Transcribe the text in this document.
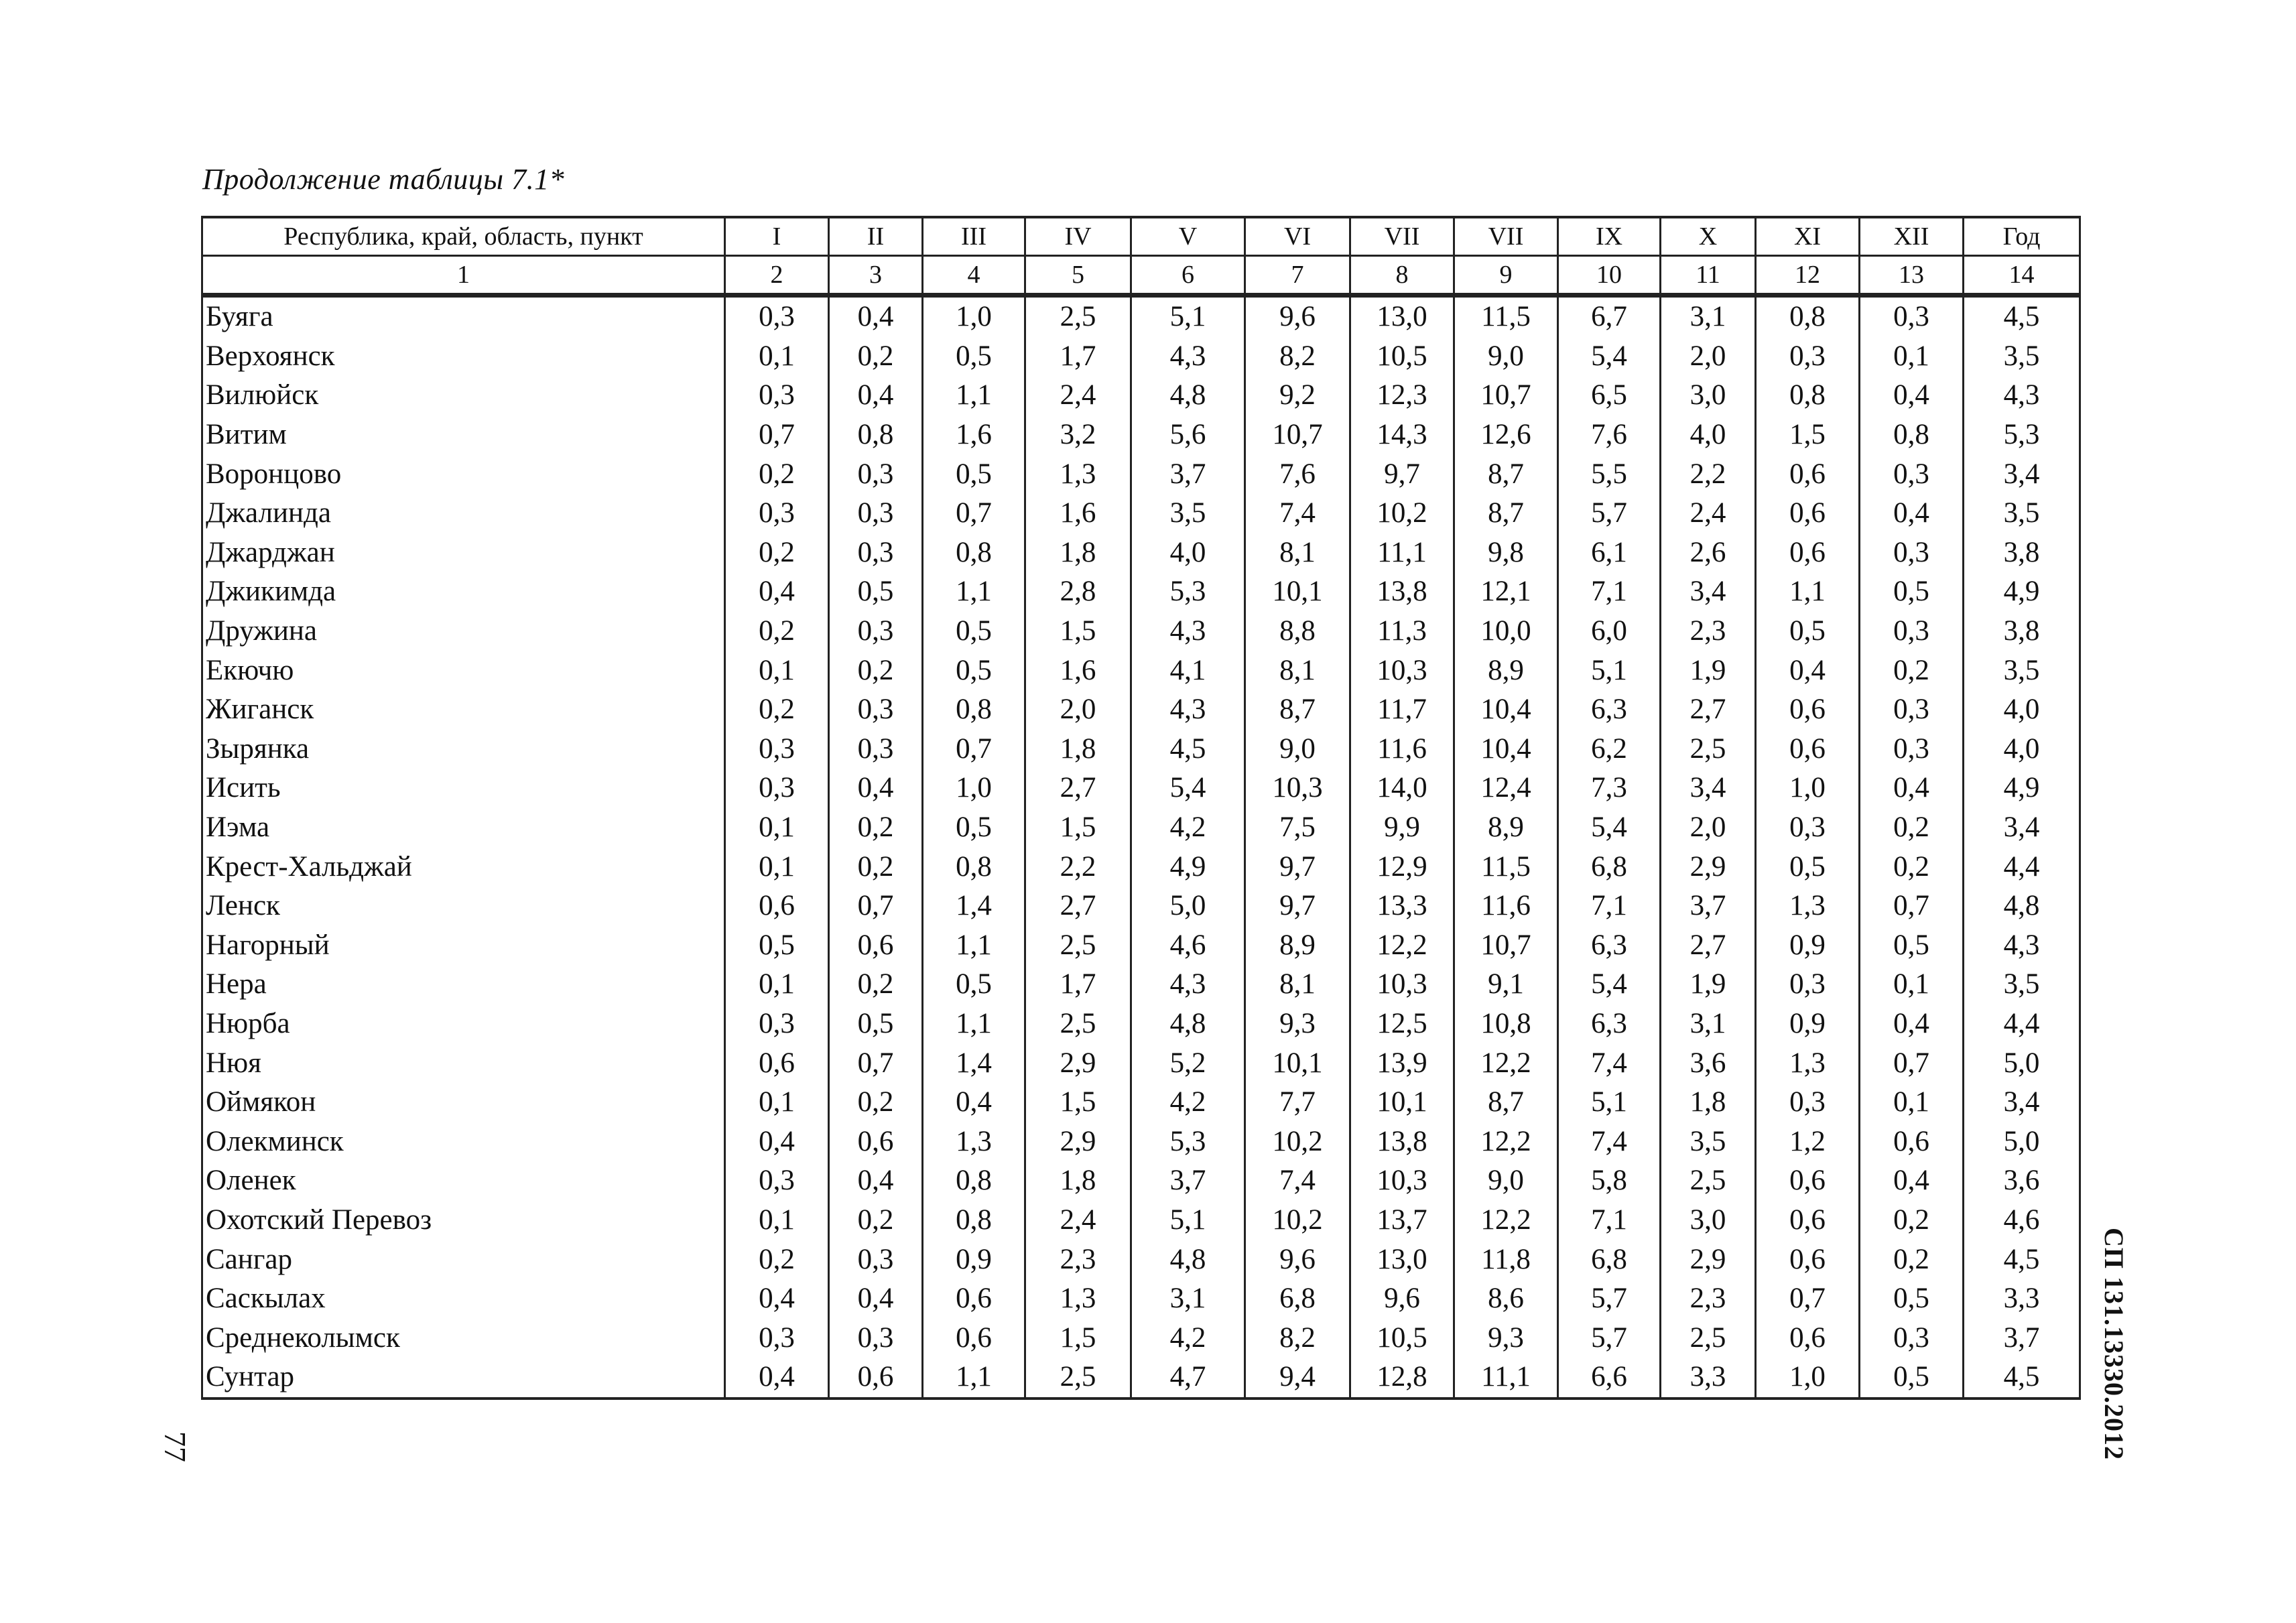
Продолжение таблицы 7.1*
Республика, край, область, пункт	I	II	III	IV	V	VI	VII	VII	IX	X	XI	XII	Год
1	2	3	4	5	6	7	8	9	10	11	12	13	14
Буяга	0,3	0,4	1,0	2,5	5,1	9,6	13,0	11,5	6,7	3,1	0,8	0,3	4,5
Верхоянск	0,1	0,2	0,5	1,7	4,3	8,2	10,5	9,0	5,4	2,0	0,3	0,1	3,5
Вилюйск	0,3	0,4	1,1	2,4	4,8	9,2	12,3	10,7	6,5	3,0	0,8	0,4	4,3
Витим	0,7	0,8	1,6	3,2	5,6	10,7	14,3	12,6	7,6	4,0	1,5	0,8	5,3
Воронцово	0,2	0,3	0,5	1,3	3,7	7,6	9,7	8,7	5,5	2,2	0,6	0,3	3,4
Джалинда	0,3	0,3	0,7	1,6	3,5	7,4	10,2	8,7	5,7	2,4	0,6	0,4	3,5
Джарджан	0,2	0,3	0,8	1,8	4,0	8,1	11,1	9,8	6,1	2,6	0,6	0,3	3,8
Джикимда	0,4	0,5	1,1	2,8	5,3	10,1	13,8	12,1	7,1	3,4	1,1	0,5	4,9
Дружина	0,2	0,3	0,5	1,5	4,3	8,8	11,3	10,0	6,0	2,3	0,5	0,3	3,8
Екючю	0,1	0,2	0,5	1,6	4,1	8,1	10,3	8,9	5,1	1,9	0,4	0,2	3,5
Жиганск	0,2	0,3	0,8	2,0	4,3	8,7	11,7	10,4	6,3	2,7	0,6	0,3	4,0
Зырянка	0,3	0,3	0,7	1,8	4,5	9,0	11,6	10,4	6,2	2,5	0,6	0,3	4,0
Исить	0,3	0,4	1,0	2,7	5,4	10,3	14,0	12,4	7,3	3,4	1,0	0,4	4,9
Иэма	0,1	0,2	0,5	1,5	4,2	7,5	9,9	8,9	5,4	2,0	0,3	0,2	3,4
Крест-Хальджай	0,1	0,2	0,8	2,2	4,9	9,7	12,9	11,5	6,8	2,9	0,5	0,2	4,4
Ленск	0,6	0,7	1,4	2,7	5,0	9,7	13,3	11,6	7,1	3,7	1,3	0,7	4,8
Нагорный	0,5	0,6	1,1	2,5	4,6	8,9	12,2	10,7	6,3	2,7	0,9	0,5	4,3
Нера	0,1	0,2	0,5	1,7	4,3	8,1	10,3	9,1	5,4	1,9	0,3	0,1	3,5
Нюрба	0,3	0,5	1,1	2,5	4,8	9,3	12,5	10,8	6,3	3,1	0,9	0,4	4,4
Нюя	0,6	0,7	1,4	2,9	5,2	10,1	13,9	12,2	7,4	3,6	1,3	0,7	5,0
Оймякон	0,1	0,2	0,4	1,5	4,2	7,7	10,1	8,7	5,1	1,8	0,3	0,1	3,4
Олекминск	0,4	0,6	1,3	2,9	5,3	10,2	13,8	12,2	7,4	3,5	1,2	0,6	5,0
Оленек	0,3	0,4	0,8	1,8	3,7	7,4	10,3	9,0	5,8	2,5	0,6	0,4	3,6
Охотский Перевоз	0,1	0,2	0,8	2,4	5,1	10,2	13,7	12,2	7,1	3,0	0,6	0,2	4,6
Сангар	0,2	0,3	0,9	2,3	4,8	9,6	13,0	11,8	6,8	2,9	0,6	0,2	4,5
Саскылах	0,4	0,4	0,6	1,3	3,1	6,8	9,6	8,6	5,7	2,3	0,7	0,5	3,3
Среднеколымск	0,3	0,3	0,6	1,5	4,2	8,2	10,5	9,3	5,7	2,5	0,6	0,3	3,7
Сунтар	0,4	0,6	1,1	2,5	4,7	9,4	12,8	11,1	6,6	3,3	1,0	0,5	4,5 СП 131.13330.2012
77
